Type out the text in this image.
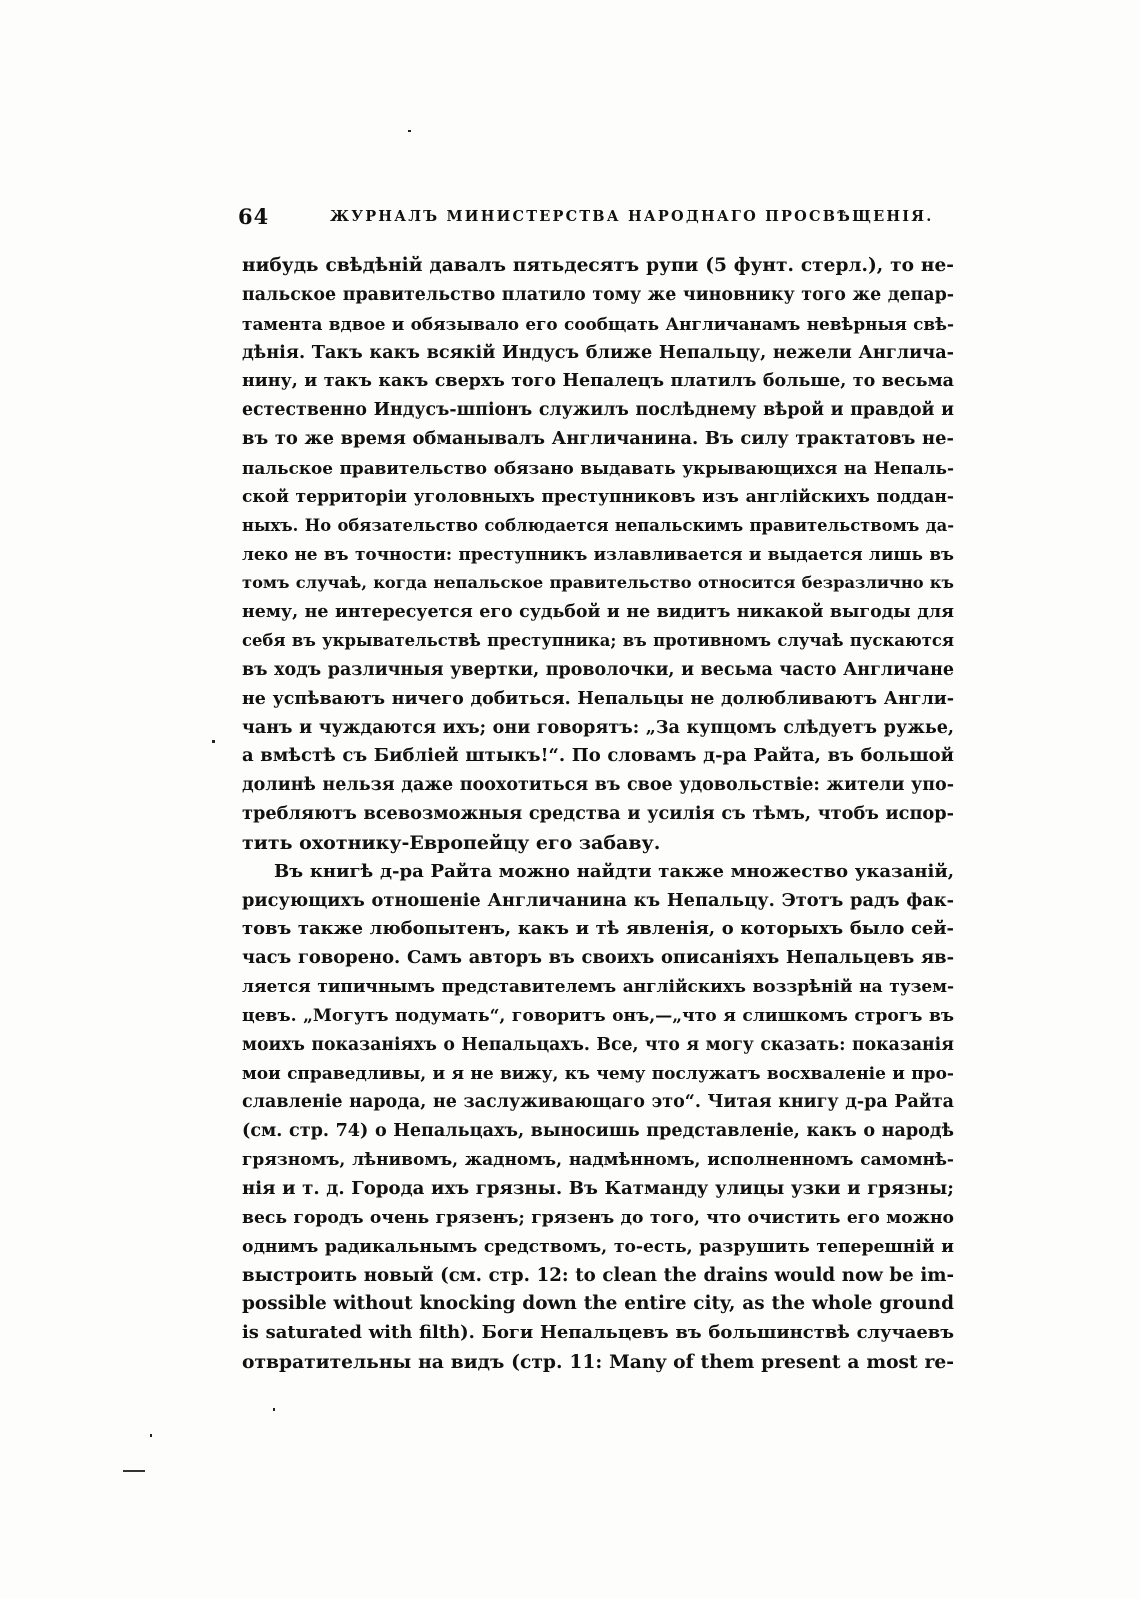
64	ЖУРНАЛЪ МИНИСТЕРСТВА НАРОДНАГО ПРОСВѢЩЕНІЯ.
нибудь свѣдѣній давалъ пятьдесятъ рупи (5 фунт. стерл.), то не-
пальское правительство платило тому же чиновнику того же депар-
тамента вдвое и обязывало его сообщать Англичанамъ невѣрныя свѣ-
дѣнія. Такъ какъ всякій Индусъ ближе Непальцу, нежели Англича-
нину, и такъ какъ сверхъ того Непалецъ платилъ больше, то весьма
естественно Индусъ-шпіонъ служилъ послѣднему вѣрой и правдой и
въ то же время обманывалъ Англичанина. Въ силу трактатовъ не-
пальское правительство обязано выдавать укрывающихся на Непаль-
ской территоріи уголовныхъ преступниковъ изъ англійскихъ поддан-
ныхъ. Но обязательство соблюдается непальскимъ правительствомъ да-
леко не въ точности: преступникъ излавливается и выдается лишь въ
томъ случаѣ, когда непальское правительство относится безразлично къ
нему, не интересуется его судьбой и не видитъ никакой выгоды для
себя въ укрывательствѣ преступника; въ противномъ случаѣ пускаются
въ ходъ различныя увертки, проволочки, и весьма часто Англичане
не успѣваютъ ничего добиться. Непальцы не долюбливаютъ Англи-
чанъ и чуждаются ихъ; они говорятъ: „За купцомъ слѣдуетъ ружье,
а вмѣстѣ съ Библіей штыкъ!“. По словамъ д-ра Райта, въ большой
долинѣ нельзя даже поохотиться въ свое удовольствіе: жители упо-
требляютъ всевозможныя средства и усилія съ тѣмъ, чтобъ испор-
тить охотнику-Европейцу его забаву.
Въ книгѣ д-ра Райта можно найдти также множество указаній,
рисующихъ отношеніе Англичанина къ Непальцу. Этотъ радъ фак-
товъ также любопытенъ, какъ и тѣ явленія, о которыхъ было сей-
часъ говорено. Самъ авторъ въ своихъ описаніяхъ Непальцевъ яв-
ляется типичнымъ представителемъ англійскихъ воззрѣній на тузем-
цевъ. „Могутъ подумать“, говоритъ онъ,—„что я слишкомъ строгъ въ
моихъ показаніяхъ о Непальцахъ. Все, что я могу сказать: показанія
мои справедливы, и я не вижу, къ чему послужатъ восхваленіе и про-
славленіе народа, не заслуживающаго это“. Читая книгу д-ра Райта
(см. стр. 74) о Непальцахъ, выносишь представленіе, какъ о народѣ
грязномъ, лѣнивомъ, жадномъ, надмѣнномъ, исполненномъ самомнѣ-
нія и т. д. Города ихъ грязны. Въ Катманду улицы узки и грязны;
весь городъ очень грязенъ; грязенъ до того, что очистить его можно
однимъ радикальнымъ средствомъ, то-есть, разрушить теперешній и
выстроить новый (см. стр. 12: to clean the drains would now be im-
possible without knocking down the entire city, as the whole ground
is saturated with filth). Боги Непальцевъ въ большинствѣ случаевъ
отвратительны на видъ (стр. 11: Many of them present a most re-
